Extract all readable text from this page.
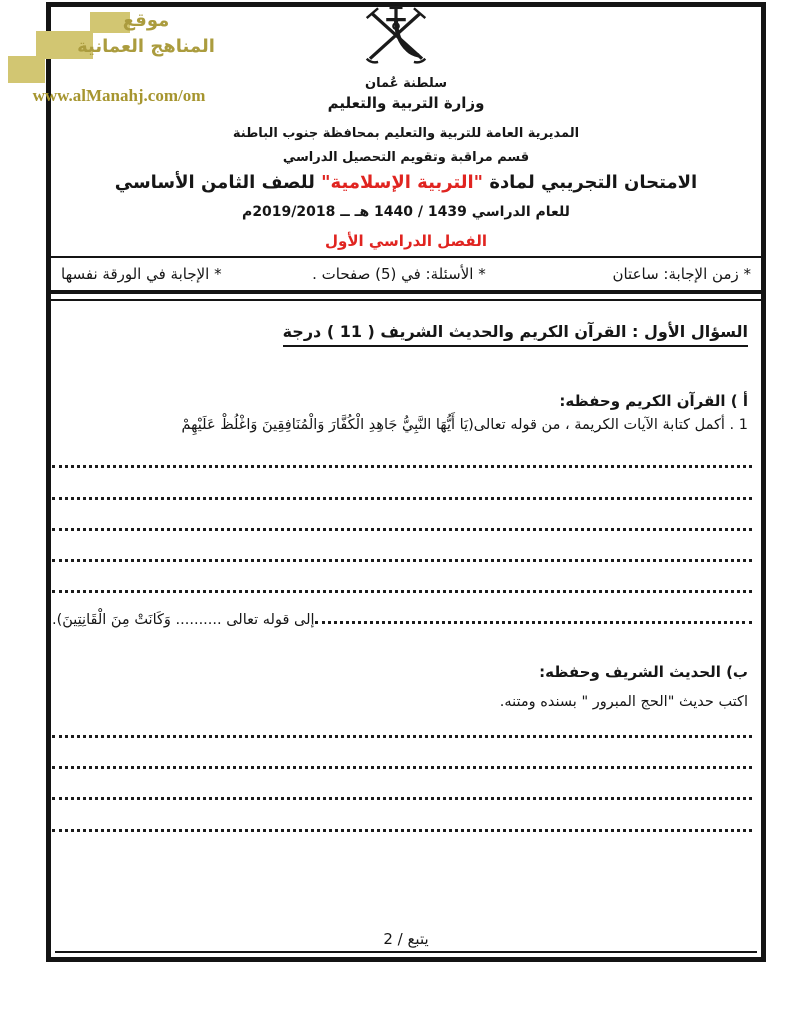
موقع
المناهج العمانية
www.alManahj.com/om
سلطنة عُمان
وزارة التربية والتعليم
المديرية العامة للتربية والتعليم بمحافظة جنوب الباطنة
قسم مراقبة وتقويم التحصيل الدراسي
الامتحان التجريبي لمادة "التربية الإسلامية" للصف الثامن الأساسي
للعام الدراسي 1439 / 1440 هـ ــ 2019/2018م
الفصل الدراسي الأول
* زمن الإجابة: ساعتان
* الأسئلة: في (5) صفحات .
* الإجابة في الورقة نفسها
السؤال الأول : القرآن الكريم والحديث الشريف ( 11 ) درجة
أ ) القرآن الكريم وحفظه:
1 . أكمل كتابة الآيات الكريمة ، من قوله تعالى(يَا أَيُّهَا النَّبِيُّ جَاهِدِ الْكُفَّارَ وَالْمُنَافِقِينَ وَاغْلُظْ عَلَيْهِمْ
إلى قوله تعالى .......... وَكَانَتْ مِنَ الْقَانِتِينَ).
ب) الحديث الشريف وحفظه:
اكتب حديث "الحج المبرور " بسنده ومتنه.
يتبع / 2
